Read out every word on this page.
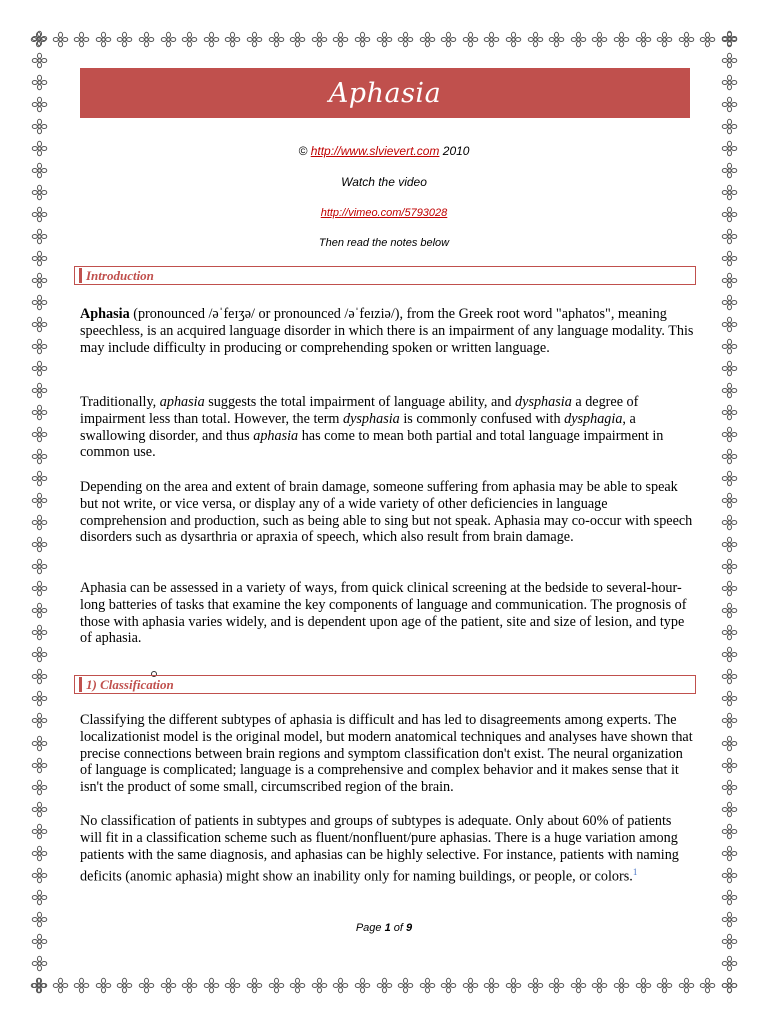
Aphasia
© http://www.slvievert.com 2010
Watch the video
http://vimeo.com/5793028
Then read the notes below
Introduction
Aphasia (pronounced /əˈfeɪʒə/ or pronounced /əˈfeɪziə/), from the Greek root word "aphatos", meaning speechless, is an acquired language disorder in which there is an impairment of any language modality. This may include difficulty in producing or comprehending spoken or written language.
Traditionally, aphasia suggests the total impairment of language ability, and dysphasia a degree of impairment less than total. However, the term dysphasia is commonly confused with dysphagia, a swallowing disorder, and thus aphasia has come to mean both partial and total language impairment in common use.
Depending on the area and extent of brain damage, someone suffering from aphasia may be able to speak but not write, or vice versa, or display any of a wide variety of other deficiencies in language comprehension and production, such as being able to sing but not speak. Aphasia may co-occur with speech disorders such as dysarthria or apraxia of speech, which also result from brain damage.
Aphasia can be assessed in a variety of ways, from quick clinical screening at the bedside to several-hour-long batteries of tasks that examine the key components of language and communication. The prognosis of those with aphasia varies widely, and is dependent upon age of the patient, site and size of lesion, and type of aphasia.
1) Classification
Classifying the different subtypes of aphasia is difficult and has led to disagreements among experts. The localizationist model is the original model, but modern anatomical techniques and analyses have shown that precise connections between brain regions and symptom classification don't exist. The neural organization of language is complicated; language is a comprehensive and complex behavior and it makes sense that it isn't the product of some small, circumscribed region of the brain.
No classification of patients in subtypes and groups of subtypes is adequate. Only about 60% of patients will fit in a classification scheme such as fluent/nonfluent/pure aphasias. There is a huge variation among patients with the same diagnosis, and aphasias can be highly selective. For instance, patients with naming deficits (anomic aphasia) might show an inability only for naming buildings, or people, or colors.$^1$
Page 1 of 9
